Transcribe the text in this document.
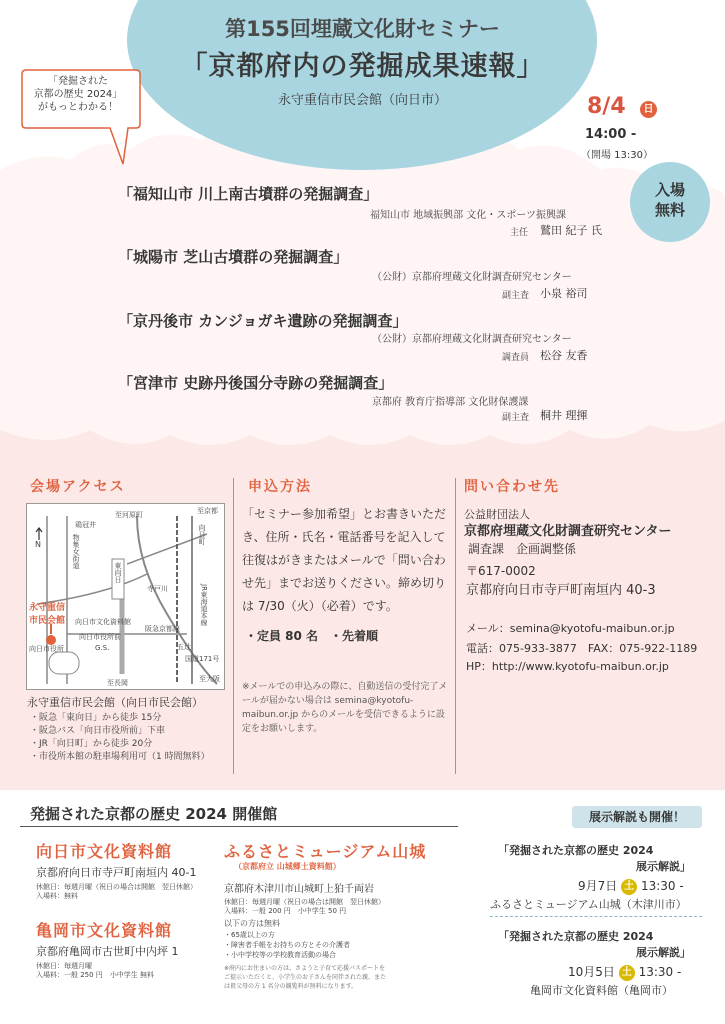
第155回埋蔵文化財セミナー
「京都府内の発掘成果速報」
永守重信市民会館（向日市）
「発掘された
京都の歴史 2024」
がもっとわかる！	8/4	日
14:00 -
（開場 13:30）
入場
無料
「福知山市 川上南古墳群の発掘調査」
福知山市 地域振興部 文化・スポーツ振興課
主任 鷲田 紀子 氏
「城陽市 芝山古墳群の発掘調査」
（公財）京都府埋蔵文化財調査研究センター
副主査 小泉 裕司
「京丹後市 カンジョガキ遺跡の発掘調査」
（公財）京都府埋蔵文化財調査研究センター
調査員 松谷 友香
「宮津市 史跡丹後国分寺跡の発掘調査」
京都府 教育庁指導部 文化財保護課
副主査 桐井 理揮
会場アクセス
N
永守重信
市民会館
至河原町
鶏冠井
物集女街道
向日市文化資料館
阪急京都線
東向日
向日町
JR東海道本線
至京都
向日市役所
向日市役所前
G.S.	五辻
至大阪
至長岡
国道171号
寺戸川
永守重信市民会館（向日市民会館）
・阪急「東向日」から徒歩 15分
・阪急バス「向日市役所前」下車
・JR「向日町」から徒歩 20分
・市役所本館の駐車場利用可（1 時間無料）
申込方法
「セミナー参加希望」とお書きいただき、住所・氏名・電話番号を記入して往復はがきまたはメールで「問い合わせ先」までお送りください。締め切りは 7/30（火）（必着）です。
・定員 80 名　・先着順
※メールでの申込みの際に、自動送信の受付完了メールが届かない場合は semina@kyotofu-maibun.or.jp からのメールを受信できるように設定をお願いします。
問い合わせ先
公益財団法人
京都府埋蔵文化財調査研究センター
調査課　企画調整係
〒617-0002
京都府向日市寺戸町南垣内 40-3
メール：semina@kyotofu-maibun.or.jp
電話：075-933-3877　FAX：075-922-1189
HP：http://www.kyotofu-maibun.or.jp
発掘された京都の歴史 2024 開催館
向日市文化資料館
京都府向日市寺戸町南垣内 40-1
休館日：毎週月曜（祝日の場合は開館　翌日休館）
入場料：無料
亀岡市文化資料館
京都府亀岡市古世町中内坪 1
休館日：毎週月曜
入場料：一般 250 円　小中学生 無料
ふるさとミュージアム山城
（京都府立 山城郷土資料館）
京都府木津川市山城町上狛千両岩
休館日：毎週月曜（祝日の場合は開館　翌日休館）
入場料：一般 200 円　小中学生 50 円
以下の方は無料
・65歳以上の方
・障害者手帳をお持ちの方とその介護者
・小中学校等の学校教育活動の場合
※府内にお住まいの方は、さようと子育て応援パスポートを
ご提示いただくと、小学生のお子さんを同伴された親、また
は祖父母の方 1 名分の観覧料が無料になります。
展示解説も開催！
「発掘された京都の歴史 2024
展示解説」
9月7日 土 13:30 -
ふるさとミュージアム山城（木津川市）
「発掘された京都の歴史 2024
展示解説」
10月5日 土 13:30 -
亀岡市文化資料館（亀岡市）
